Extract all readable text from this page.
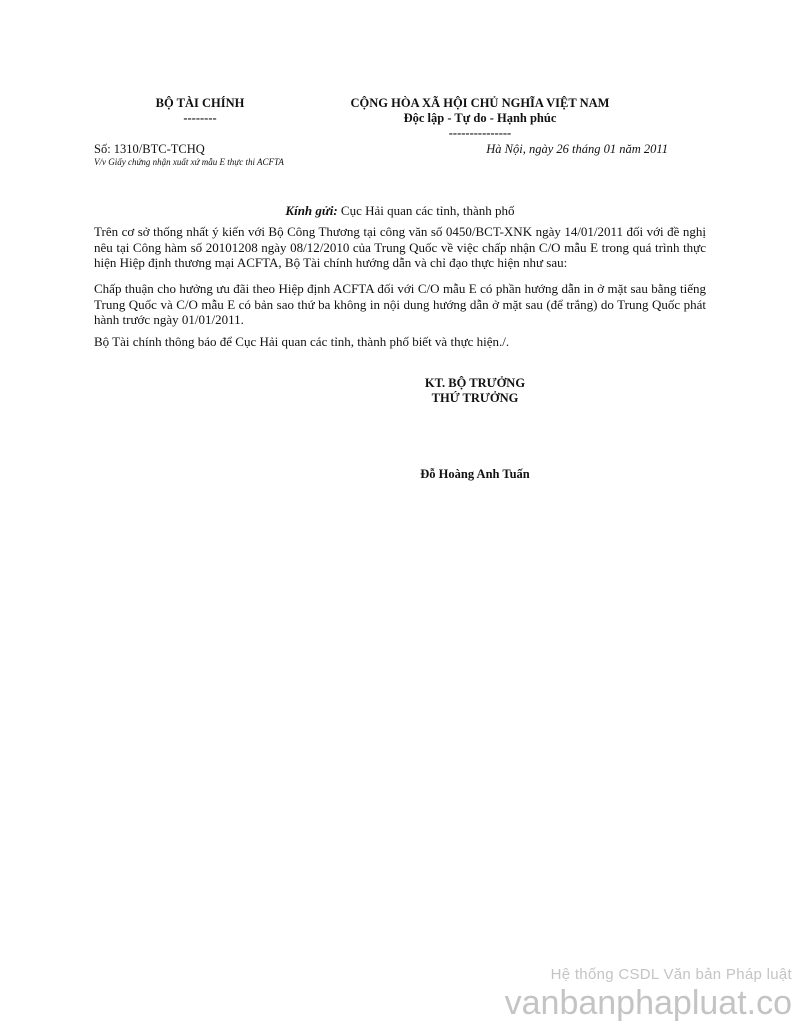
BỘ TÀI CHÍNH
--------
CỘNG HÒA XÃ HỘI CHỦ NGHĨA VIỆT NAM
Độc lập - Tự do - Hạnh phúc
---------------
Số: 1310/BTC-TCHQ
V/v Giấy chứng nhận xuất xứ mẫu E thực thi ACFTA
Hà Nội, ngày 26 tháng 01 năm 2011
Kính gửi: Cục Hải quan các tỉnh, thành phố

Trên cơ sở thống nhất ý kiến với Bộ Công Thương tại công văn số 0450/BCT-XNK ngày 14/01/2011 đối với đề nghị nêu tại Công hàm số 20101208 ngày 08/12/2010 của Trung Quốc về việc chấp nhận C/O mẫu E trong quá trình thực hiện Hiệp định thương mại ACFTA, Bộ Tài chính hướng dẫn và chỉ đạo thực hiện như sau:

Chấp thuận cho hưởng ưu đãi theo Hiệp định ACFTA đối với C/O mẫu E có phần hướng dẫn in ở mặt sau bằng tiếng Trung Quốc và C/O mẫu E có bản sao thứ ba không in nội dung hướng dẫn ở mặt sau (để trắng) do Trung Quốc phát hành trước ngày 01/01/2011.

Bộ Tài chính thông báo để Cục Hải quan các tỉnh, thành phố biết và thực hiện./.

KT. BỘ TRƯỞNG
THỨ TRƯỞNG
Đỗ Hoàng Anh Tuấn
Hệ thống CSDL Văn bản Pháp luật
vanbanphapluat.co
